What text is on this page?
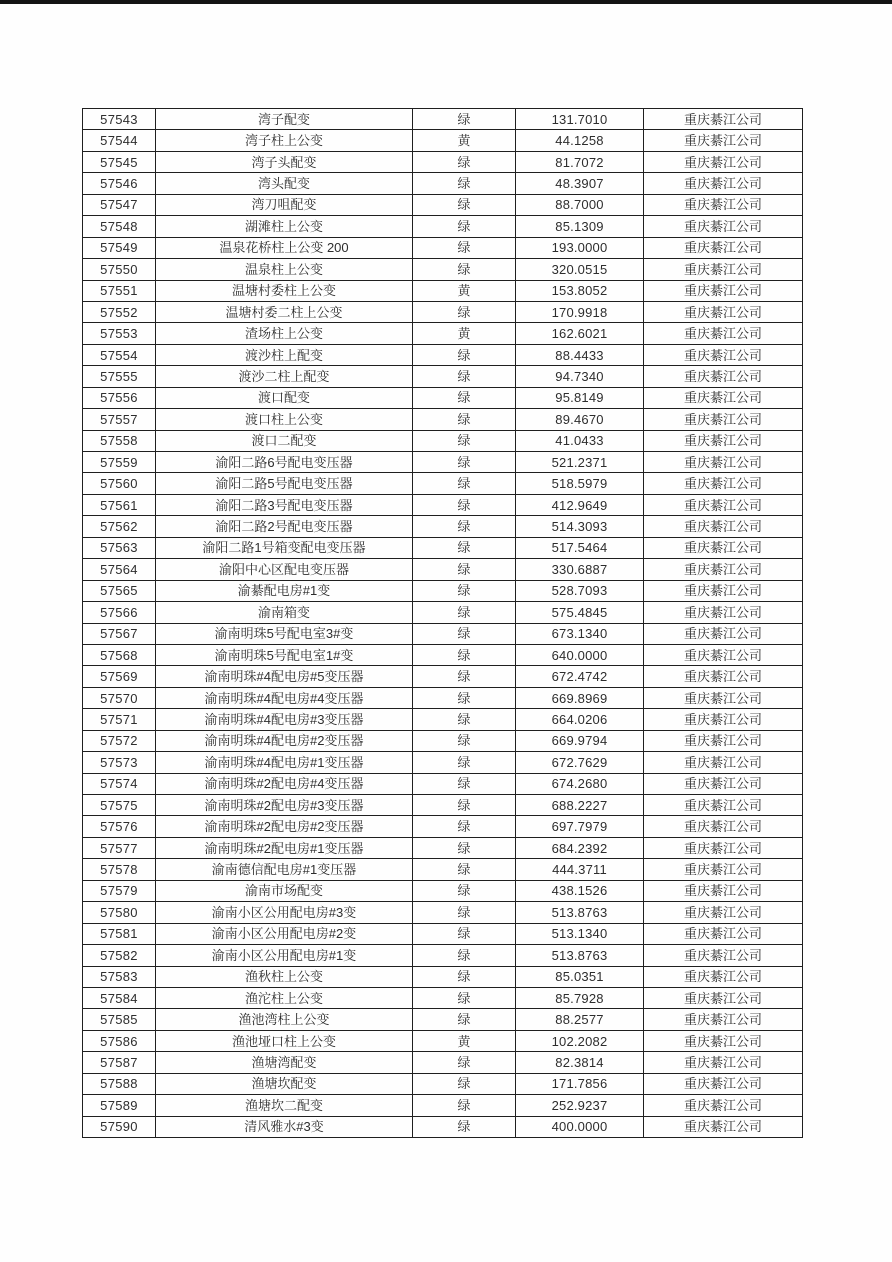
57543	湾子配变	绿	131.7010	重庆綦江公司
57544	湾子柱上公变	黄	44.1258	重庆綦江公司
57545	湾子头配变	绿	81.7072	重庆綦江公司
57546	湾头配变	绿	48.3907	重庆綦江公司
57547	湾刀咀配变	绿	88.7000	重庆綦江公司
57548	湖滩柱上公变	绿	85.1309	重庆綦江公司
57549	温泉花桥柱上公变 200	绿	193.0000	重庆綦江公司
57550	温泉柱上公变	绿	320.0515	重庆綦江公司
57551	温塘村委柱上公变	黄	153.8052	重庆綦江公司
57552	温塘村委二柱上公变	绿	170.9918	重庆綦江公司
57553	渣场柱上公变	黄	162.6021	重庆綦江公司
57554	渡沙柱上配变	绿	88.4433	重庆綦江公司
57555	渡沙二柱上配变	绿	94.7340	重庆綦江公司
57556	渡口配变	绿	95.8149	重庆綦江公司
57557	渡口柱上公变	绿	89.4670	重庆綦江公司
57558	渡口二配变	绿	41.0433	重庆綦江公司
57559	渝阳二路6号配电变压器	绿	521.2371	重庆綦江公司
57560	渝阳二路5号配电变压器	绿	518.5979	重庆綦江公司
57561	渝阳二路3号配电变压器	绿	412.9649	重庆綦江公司
57562	渝阳二路2号配电变压器	绿	514.3093	重庆綦江公司
57563	渝阳二路1号箱变配电变压器	绿	517.5464	重庆綦江公司
57564	渝阳中心区配电变压器	绿	330.6887	重庆綦江公司
57565	渝綦配电房#1变	绿	528.7093	重庆綦江公司
57566	渝南箱变	绿	575.4845	重庆綦江公司
57567	渝南明珠5号配电室3#变	绿	673.1340	重庆綦江公司
57568	渝南明珠5号配电室1#变	绿	640.0000	重庆綦江公司
57569	渝南明珠#4配电房#5变压器	绿	672.4742	重庆綦江公司
57570	渝南明珠#4配电房#4变压器	绿	669.8969	重庆綦江公司
57571	渝南明珠#4配电房#3变压器	绿	664.0206	重庆綦江公司
57572	渝南明珠#4配电房#2变压器	绿	669.9794	重庆綦江公司
57573	渝南明珠#4配电房#1变压器	绿	672.7629	重庆綦江公司
57574	渝南明珠#2配电房#4变压器	绿	674.2680	重庆綦江公司
57575	渝南明珠#2配电房#3变压器	绿	688.2227	重庆綦江公司
57576	渝南明珠#2配电房#2变压器	绿	697.7979	重庆綦江公司
57577	渝南明珠#2配电房#1变压器	绿	684.2392	重庆綦江公司
57578	渝南德信配电房#1变压器	绿	444.3711	重庆綦江公司
57579	渝南市场配变	绿	438.1526	重庆綦江公司
57580	渝南小区公用配电房#3变	绿	513.8763	重庆綦江公司
57581	渝南小区公用配电房#2变	绿	513.1340	重庆綦江公司
57582	渝南小区公用配电房#1变	绿	513.8763	重庆綦江公司
57583	渔秋柱上公变	绿	85.0351	重庆綦江公司
57584	渔沱柱上公变	绿	85.7928	重庆綦江公司
57585	渔池湾柱上公变	绿	88.2577	重庆綦江公司
57586	渔池垭口柱上公变	黄	102.2082	重庆綦江公司
57587	渔塘湾配变	绿	82.3814	重庆綦江公司
57588	渔塘坎配变	绿	171.7856	重庆綦江公司
57589	渔塘坎二配变	绿	252.9237	重庆綦江公司
57590	清风雅水#3变	绿	400.0000	重庆綦江公司
